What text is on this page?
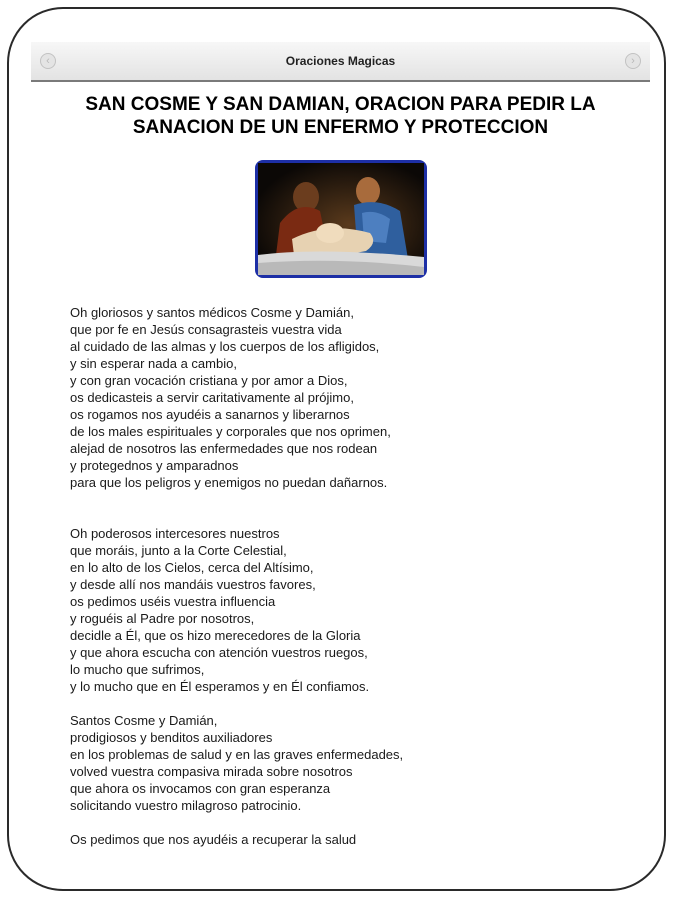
‹	Oraciones Magicas	›
SAN COSME Y SAN DAMIAN, ORACION PARA PEDIR LA SANACION DE UN ENFERMO Y PROTECCION
Oh gloriosos y santos médicos Cosme y Damián,
que por fe en Jesús consagrasteis vuestra vida
al cuidado de las almas y los cuerpos de los afligidos,
y sin esperar nada a cambio,
y con gran vocación cristiana y por amor a Dios,
os dedicasteis a servir caritativamente al prójimo,
os rogamos nos ayudéis a sanarnos y liberarnos
de los males espirituales y corporales que nos oprimen,
alejad de nosotros las enfermedades que nos rodean
y protegednos y amparadnos
para que los peligros y enemigos no puedan dañarnos.
Oh poderosos intercesores nuestros
que moráis, junto a la Corte Celestial,
en lo alto de los Cielos, cerca del Altísimo,
y desde allí nos mandáis vuestros favores,
os pedimos uséis vuestra influencia
y roguéis al Padre por nosotros,
decidle a Él, que os hizo merecedores de la Gloria
y que ahora escucha con atención vuestros ruegos,
lo mucho que sufrimos,
y lo mucho que en Él esperamos y en Él confiamos.
Santos Cosme y Damián,
prodigiosos y benditos auxiliadores
en los problemas de salud y en las graves enfermedades,
volved vuestra compasiva mirada sobre nosotros
que ahora os invocamos con gran esperanza
solicitando vuestro milagroso patrocinio.
Os pedimos que nos ayudéis a recuperar la salud
